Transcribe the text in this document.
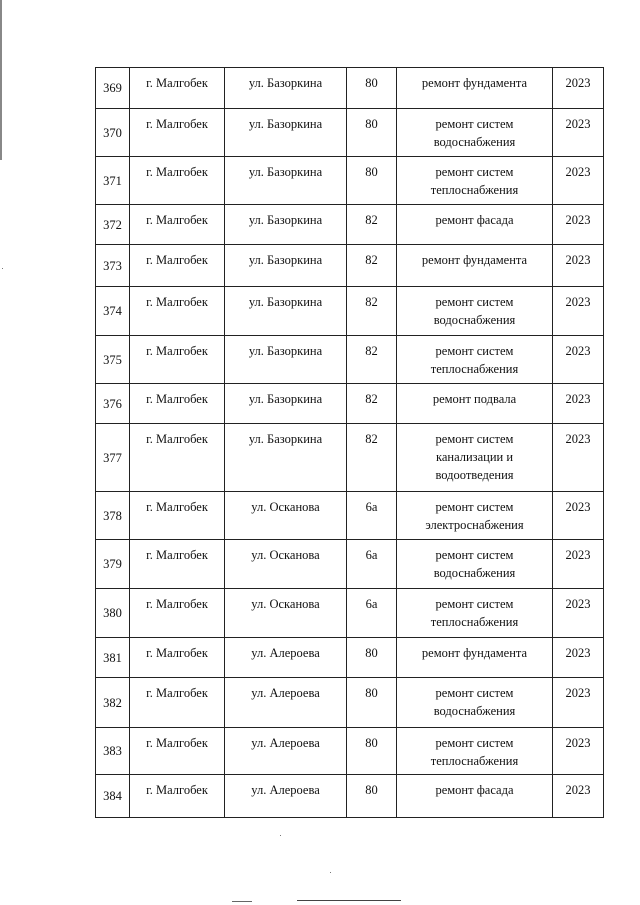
369	г. Малгобек	ул. Базоркина	80	ремонт фундамента	2023
370	г. Малгобек	ул. Базоркина	80	ремонт систем
водоснабжения	2023
371	г. Малгобек	ул. Базоркина	80	ремонт систем
теплоснабжения	2023
372	г. Малгобек	ул. Базоркина	82	ремонт фасада	2023
373	г. Малгобек	ул. Базоркина	82	ремонт фундамента	2023
374	г. Малгобек	ул. Базоркина	82	ремонт систем
водоснабжения	2023
375	г. Малгобек	ул. Базоркина	82	ремонт систем
теплоснабжения	2023
376	г. Малгобек	ул. Базоркина	82	ремонт подвала	2023
377	г. Малгобек	ул. Базоркина	82	ремонт систем
канализации и
водоотведения	2023
378	г. Малгобек	ул. Осканова	6а	ремонт систем
электроснабжения	2023
379	г. Малгобек	ул. Осканова	6а	ремонт систем
водоснабжения	2023
380	г. Малгобек	ул. Осканова	6а	ремонт систем
теплоснабжения	2023
381	г. Малгобек	ул. Алероева	80	ремонт фундамента	2023
382	г. Малгобек	ул. Алероева	80	ремонт систем
водоснабжения	2023
383	г. Малгобек	ул. Алероева	80	ремонт систем
теплоснабжения	2023
384	г. Малгобек	ул. Алероева	80	ремонт фасада	2023
